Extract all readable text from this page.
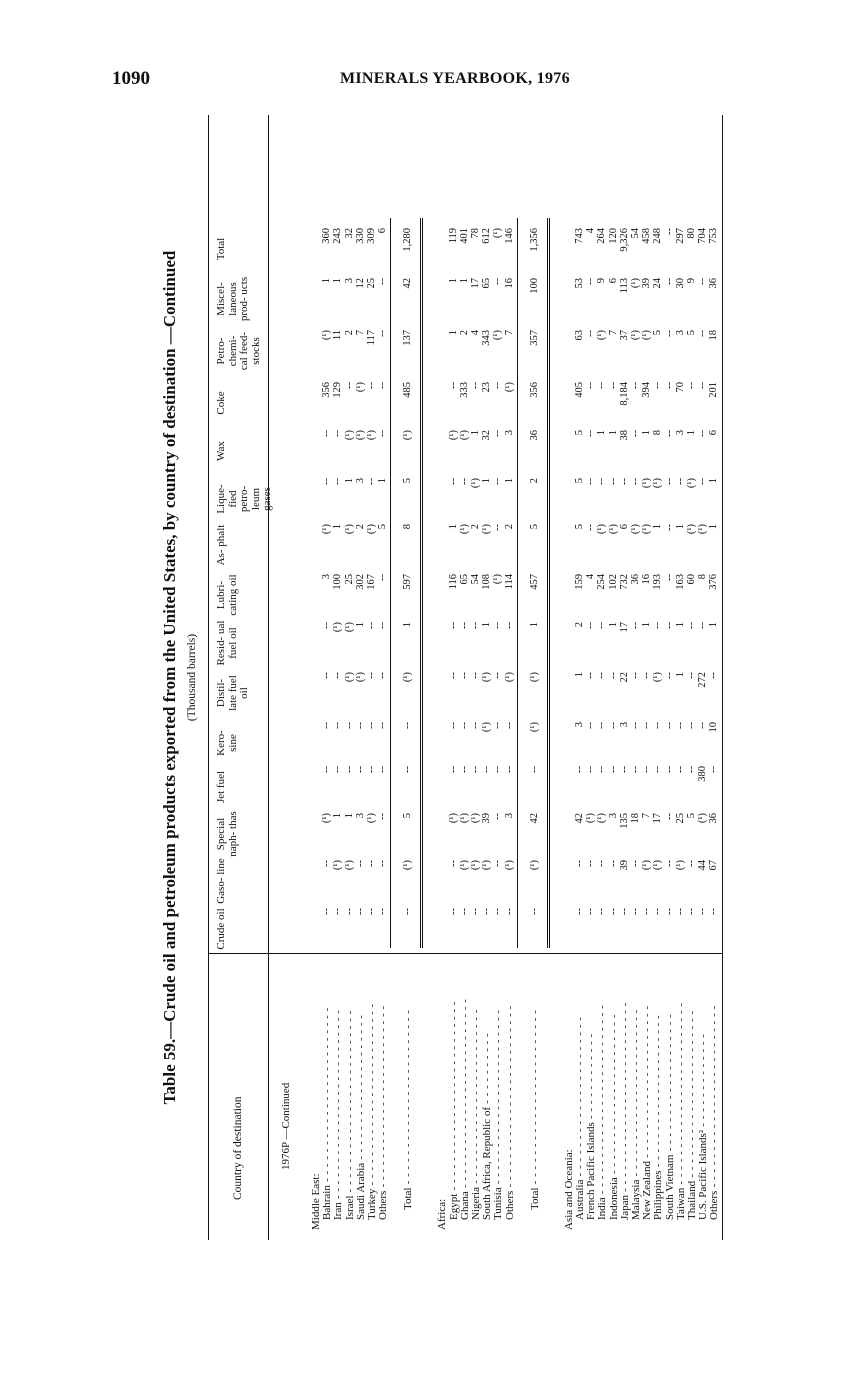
1090	MINERALS YEARBOOK, 1976
Table 59.—Crude oil and petroleum products exported from the United States, by country of destination —Continued (Thousand barrels)
Country of destination
Crude oil
Gaso- line
Special naph- thas
Jet fuel
Kero- sine
Distil- late fuel oil
Resid- ual fuel oil
Lubri- cating oil
As- phalt
Lique- fied petro- leum gases
Wax
Coke
Petro- chemi- cal feed- stocks
Miscel- laneous prod- ucts
Total
1976P —Continued
Middle East: Bahrain - - - - - - - - - - - - - - - - - - - - - - - -
--
--
(¹)
--
--
--
--
3
(¹)
--
--
356
(¹)
1
360
Iran - - - - - - - - - - - - - - - - - - - - - - - - - -
--
(¹)
1
--
--
--
(¹)
100
1
--
--
129
11
1
243
Israel - - - - - - - - - - - - - - - - - - - - - - - - -
--
(¹)
1
--
--
(¹)
(¹)
25
(¹)
1
(¹)
--
2
3
32
Saudi Arabia - - - - - - - - - - - - - - - - - - - -
--
--
3
--
--
(¹)
1
302
2
3
(¹)
(¹)
7
12
330
Turkey - - - - - - - - - - - - - - - - - - - - - - - - -
--
--
(¹)
--
--
--
--
167
(¹)
--
(¹)
--
117
25
309
Others - - - - - - - - - - - - - - - - - - - - - - - - -
--
--
--
--
--
--
--
--
5
1
--
--
--
--
6
Total - - - - - - - - - - - - - - - - - - - - - - - -
--
(¹)
5
--
--
(¹)
1
597
8
5
(¹)
485
137
42
1,280
Africa: Egypt - - - - - - - - - - - - - - - - - - - - - - - - - -
--
--
(¹)
--
--
--
--
116
1
--
(¹)
--
1
1
119
Ghana - - - - - - - - - - - - - - - - - - - - - - - - - -
--
(¹)
(¹)
--
--
--
--
65
(¹)
--
(¹)
333
2
1
401
Nigeria - - - - - - - - - - - - - - - - - - - - - - - -
--
(¹)
(¹)
--
--
--
--
54
2
(¹)
1
--
4
17
78
South Africa, Republic of - - - - - - - - - -
--
(¹)
39
--
(¹)
(¹)
1
108
(¹)
1
32
23
343
65
612
Tunisia - - - - - - - - - - - - - - - - - - - - - - - -
--
--
--
--
--
--
--
(¹)
--
--
--
--
(¹)
--
(¹)
Others - - - - - - - - - - - - - - - - - - - - - - - - -
--
(¹)
3
--
--
(¹)
--
114
2
1
3
(¹)
7
16
146
Total - - - - - - - - - - - - - - - - - - - - - - - -
--
(¹)
42
--
(¹)
(¹)
1
457
5
2
36
356
357
100
1,356
Asia and Oceania: Australia - - - - - - - - - - - - - - - - - - - - - -
--
--
42
--
3
1
2
159
5
5
5
405
63
53
743
French Pacific Islands - - - - - - - - - - - -
--
--
(¹)
--
--
--
--
4
--
--
--
--
--
--
4
India - - - - - - - - - - - - - - - - - - - - - - - - - -
--
--
(¹)
--
--
--
--
254
(¹)
--
1
--
(¹)
9
264
Indonesia - - - - - - - - - - - - - - - - - - - - - -
--
--
3
--
--
--
1
102
(¹)
--
1
--
7
6
120
Japan - - - - - - - - - - - - - - - - - - - - - - - - - -
--
39
135
--
3
22
17
732
6
--
38
8,184
37
113
9,326
Malaysia - - - - - - - - - - - - - - - - - - - - - - -
--
--
18
--
--
--
--
36
(¹)
--
--
--
(¹)
(¹)
54
New Zealand - - - - - - - - - - - - - - - - - - - - -
--
(¹)
7
--
--
--
1
16
(¹)
(¹)
1
394
(¹)
39
458
Philippines - - - - - - - - - - - - - - - - - - - - -
--
(¹)
17
--
--
(¹)
--
193
1
(¹)
8
--
5
24
248
South Vietnam - - - - - - - - - - - - - - - - - - -
--
--
--
--
--
--
--
--
--
--
--
--
--
--
--
Taiwan - - - - - - - - - - - - - - - - - - - - - - - - -
--
(¹)
25
--
--
1
1
163
1
--
3
70
3
30
297
Thailand - - - - - - - - - - - - - - - - - - - - - - -
--
--
5
--
--
--
--
60
(¹)
(¹)
1
--
5
9
80
U.S. Pacific Islands² - - - - - - - - - - - - -
--
44
(¹)
380
--
272
--
8
(¹)
--
--
--
--
--
704
Others - - - - - - - - - - - - - - - - - - - - - - - - -
--
67
36
--
10
--
1
376
1
1
6
201
18
36
753
